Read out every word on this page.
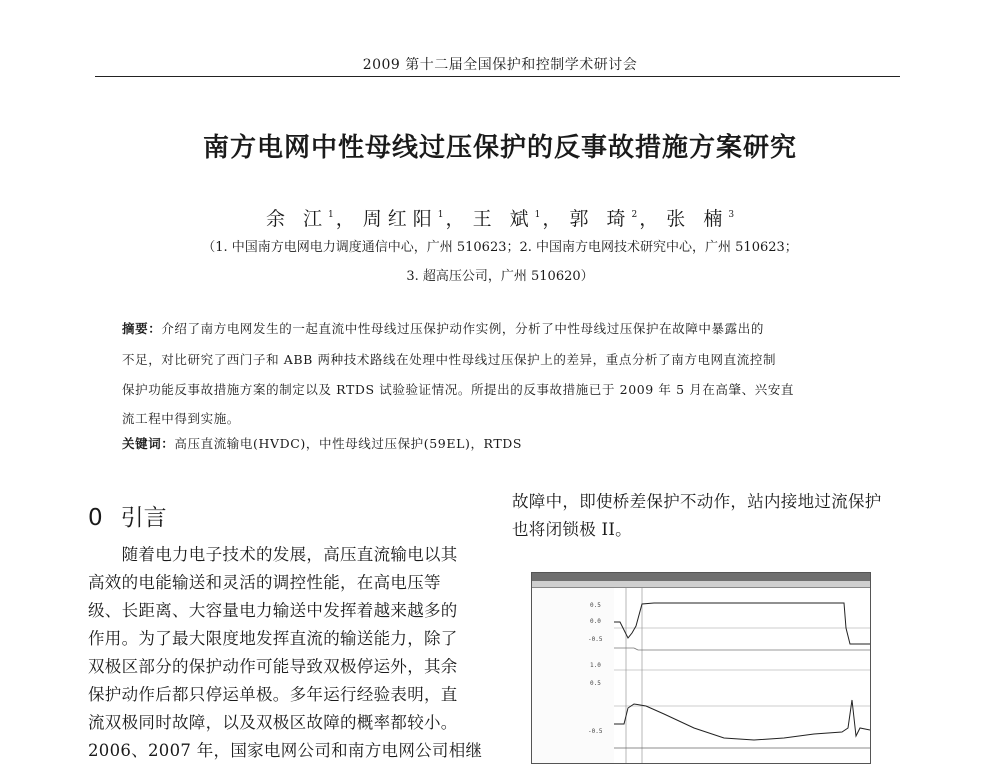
2009 第十二届全国保护和控制学术研讨会
南方电网中性母线过压保护的反事故措施方案研究
余 江$^1$ ， 周红阳$^1$ ， 王 斌$^1$ ， 郭 琦$^2$ ， 张 楠$^3$
（1. 中国南方电网电力调度通信中心，广州 510623；2. 中国南方电网技术研究中心，广州 510623；
3. 超高压公司，广州 510620）
摘要：介绍了南方电网发生的一起直流中性母线过压保护动作实例，分析了中性母线过压保护在故障中暴露出的
不足，对比研究了西门子和 ABB 两种技术路线在处理中性母线过压保护上的差异，重点分析了南方电网直流控制
保护功能反事故措施方案的制定以及 RTDS 试验验证情况。所提出的反事故措施已于 2009 年 5 月在高肇、兴安直
流工程中得到实施。
关键词：高压直流输电(HVDC)，中性母线过压保护(59EL)，RTDS
0 引言
　　随着电力电子技术的发展，高压直流输电以其
高效的电能输送和灵活的调控性能，在高电压等
级、长距离、大容量电力输送中发挥着越来越多的
作用。为了最大限度地发挥直流的输送能力，除了
双极区部分的保护动作可能导致双极停运外，其余
保护动作后都只停运单极。多年运行经验表明，直
流双极同时故障，以及双极区故障的概率都较小。
2006、2007 年，国家电网公司和南方电网公司相继
故障中，即使桥差保护不动作，站内接地过流保护
也将闭锁极 II。
0.5
0.0
-0.5
1.0
0.5
-0.5
